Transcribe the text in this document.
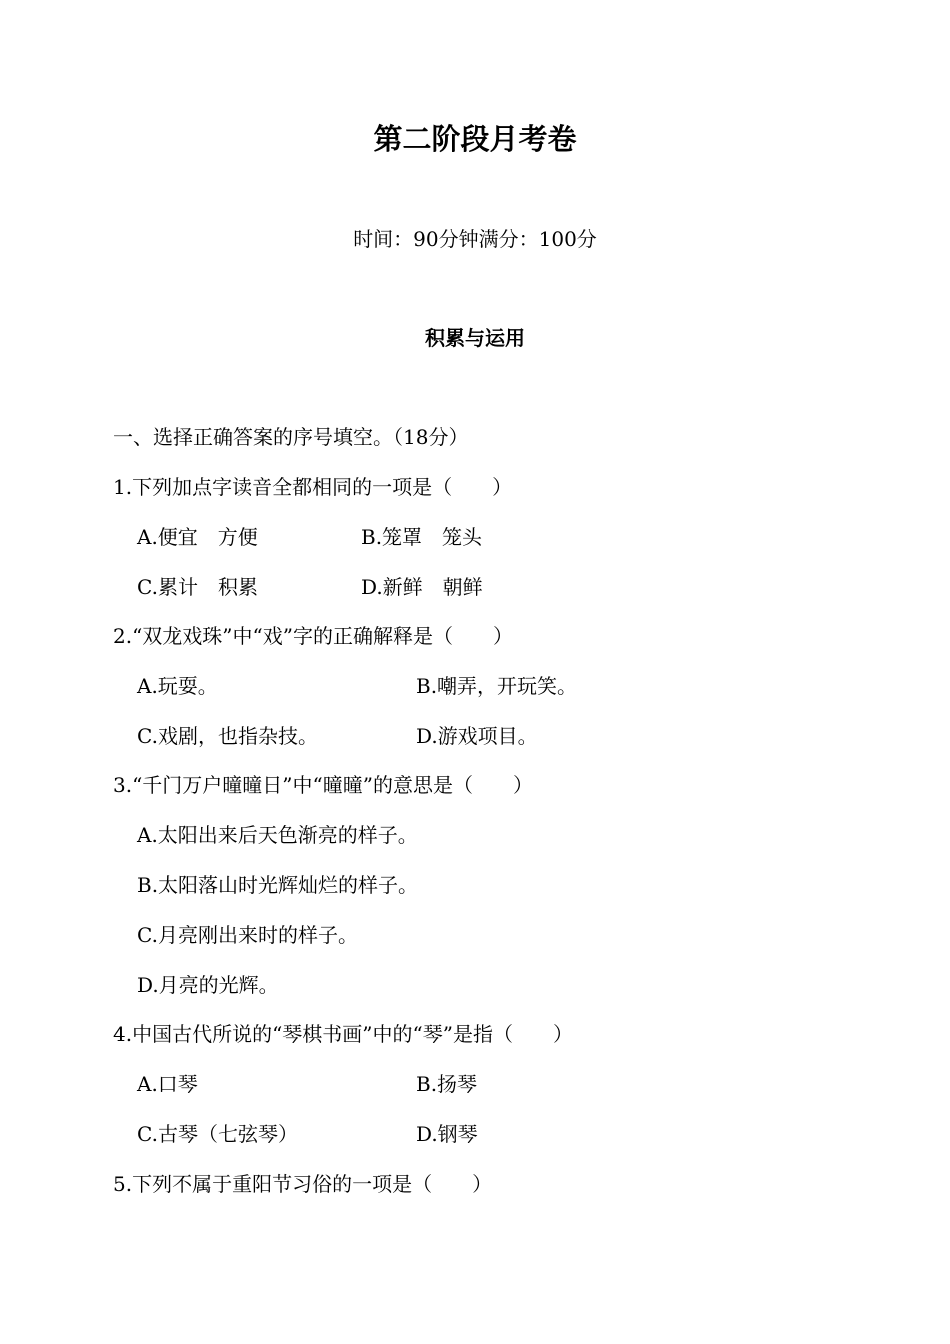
第二阶段月考卷
时间：90分钟满分：100分
积累与运用
一、选择正确答案的序号填空。（18分）
1.下列加点字读音全都相同的一项是（　　）
A.便宜　方便	B.笼罩　笼头
C.累计　积累	D.新鲜　朝鲜
2.“双龙戏珠”中“戏”字的正确解释是（　　）
A.玩耍。	B.嘲弄，开玩笑。
C.戏剧，也指杂技。	D.游戏项目。
3.“千门万户曈曈日”中“曈曈”的意思是（　　）
A.太阳出来后天色渐亮的样子。
B.太阳落山时光辉灿烂的样子。
C.月亮刚出来时的样子。
D.月亮的光辉。
4.中国古代所说的“琴棋书画”中的“琴”是指（　　）
A.口琴	B.扬琴
C.古琴（七弦琴）	D.钢琴
5.下列不属于重阳节习俗的一项是（　　）
